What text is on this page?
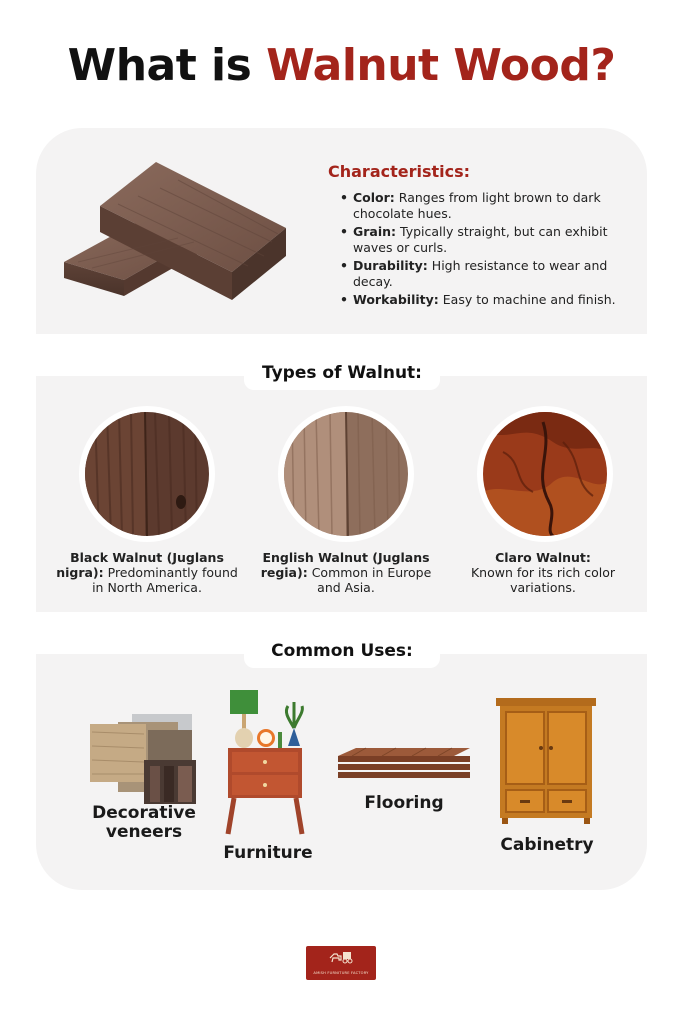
What is Walnut Wood?
Characteristics:
• Color: Ranges from light brown to dark chocolate hues.
• Grain: Typically straight, but can exhibit waves or curls.
• Durability: High resistance to wear and decay.
• Workability: Easy to machine and finish.
Types of Walnut:
Black Walnut (Juglans nigra): Predominantly found in North America.
English Walnut (Juglans regia): Common in Europe and Asia.
Claro Walnut:
Known for its rich color variations.
Common Uses:
Decorative veneers
Furniture
Flooring
Cabinetry
AMISH FURNITURE FACTORY
